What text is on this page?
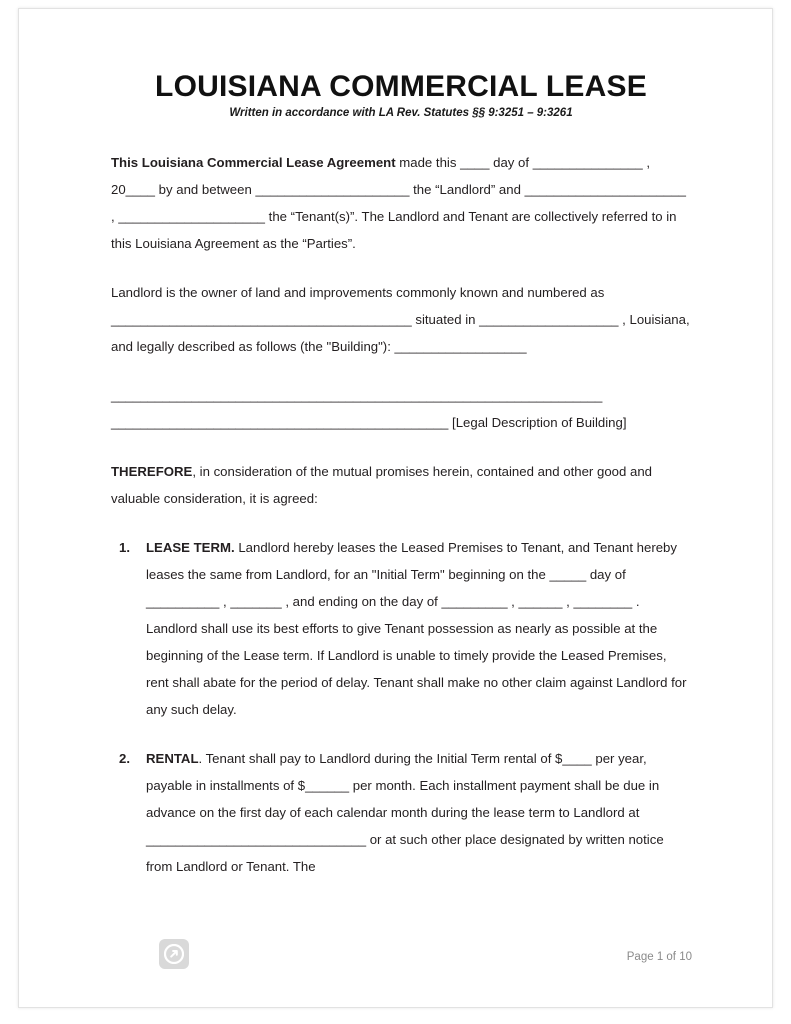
LOUISIANA COMMERCIAL LEASE
Written in accordance with LA Rev. Statutes §§ 9:3251 – 9:3261

This Louisiana Commercial Lease Agreement made this ____ day of _______________ , 20____ by and between _____________________ the “Landlord” and ______________________ , ____________________ the “Tenant(s)”. The Landlord and Tenant are collectively referred to in this Louisiana Agreement as the “Parties”.

Landlord is the owner of land and improvements commonly known and numbered as _________________________________________ situated in ___________________ , Louisiana, and legally described as follows (the "Building"): __________________

___________________________________________________________________

______________________________________________ [Legal Description of Building]

THEREFORE, in consideration of the mutual promises herein, contained and other good and valuable consideration, it is agreed:

1. LEASE TERM. Landlord hereby leases the Leased Premises to Tenant, and Tenant hereby leases the same from Landlord, for an "Initial Term" beginning on the _____ day of __________ , _______ , and ending on the day of _________ , ______ , ________ . Landlord shall use its best efforts to give Tenant possession as nearly as possible at the beginning of the Lease term. If Landlord is unable to timely provide the Leased Premises, rent shall abate for the period of delay. Tenant shall make no other claim against Landlord for any such delay.
2. RENTAL. Tenant shall pay to Landlord during the Initial Term rental of $____ per year, payable in installments of $______ per month. Each installment payment shall be due in advance on the first day of each calendar month during the lease term to Landlord at ______________________________ or at such other place designated by written notice from Landlord or Tenant. The
Page 1 of 10
